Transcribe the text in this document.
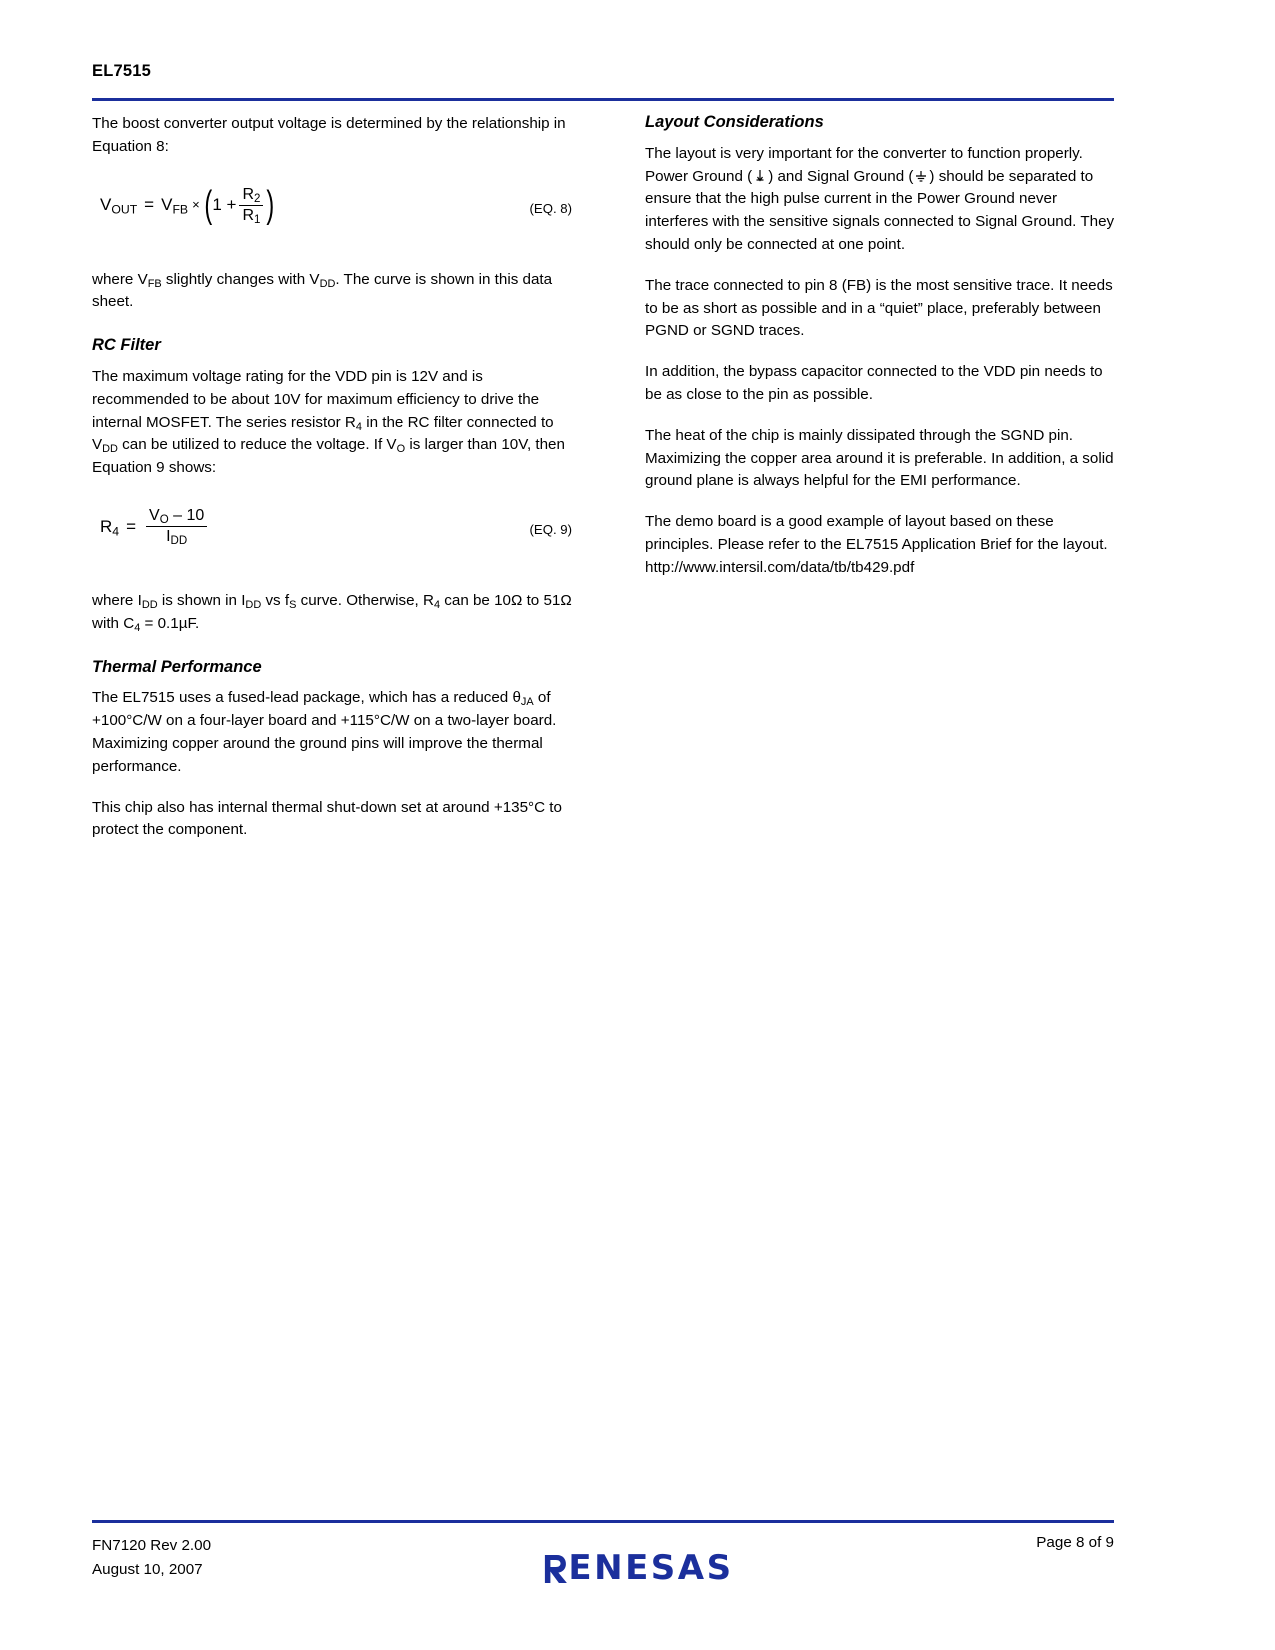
EL7515

The boost converter output voltage is determined by the relationship in Equation 8:

$V_{OUT} = V_{FB}$ × ( $1 + \frac{R_2}{R_1}$ )	(EQ. 8)

where $V_{FB}$ slightly changes with $V_{DD}$. The curve is shown in this data sheet.

RC Filter

The maximum voltage rating for the VDD pin is 12V and is recommended to be about 10V for maximum efficiency to drive the internal MOSFET. The series resistor $R_4$ in the RC filter connected to $V_{DD}$ can be utilized to reduce the voltage. If $V_O$ is larger than 10V, then Equation 9 shows:

$R_4 = \frac{V_O - 10}{I_{DD}}$	(EQ. 9)

where $I_{DD}$ is shown in $I_{DD}$ vs $f_S$ curve. Otherwise, $R_4$ can be 10Ω to 51Ω with $C_4 = 0.1\mu F$.

Thermal Performance

The EL7515 uses a fused-lead package, which has a reduced $\theta_{JA}$ of +100°C/W on a four-layer board and +115°C/W on a two-layer board. Maximizing copper around the ground pins will improve the thermal performance.

This chip also has internal thermal shut-down set at around +135°C to protect the component.

Layout Considerations

The layout is very important for the converter to function properly. Power Ground ( ) and Signal Ground ( ) should be separated to ensure that the high pulse current in the Power Ground never interferes with the sensitive signals connected to Signal Ground. They should only be connected at one point.

The trace connected to pin 8 (FB) is the most sensitive trace. It needs to be as short as possible and in a “quiet” place, preferably between PGND or SGND traces.

In addition, the bypass capacitor connected to the VDD pin needs to be as close to the pin as possible.

The heat of the chip is mainly dissipated through the SGND pin. Maximizing the copper area around it is preferable. In addition, a solid ground plane is always helpful for the EMI performance.

The demo board is a good example of layout based on these principles. Please refer to the EL7515 Application Brief for the layout. http://www.intersil.com/data/tb/tb429.pdf

FN7120 Rev 2.00
August 10, 2007
Page 8 of 9
ENESAS
